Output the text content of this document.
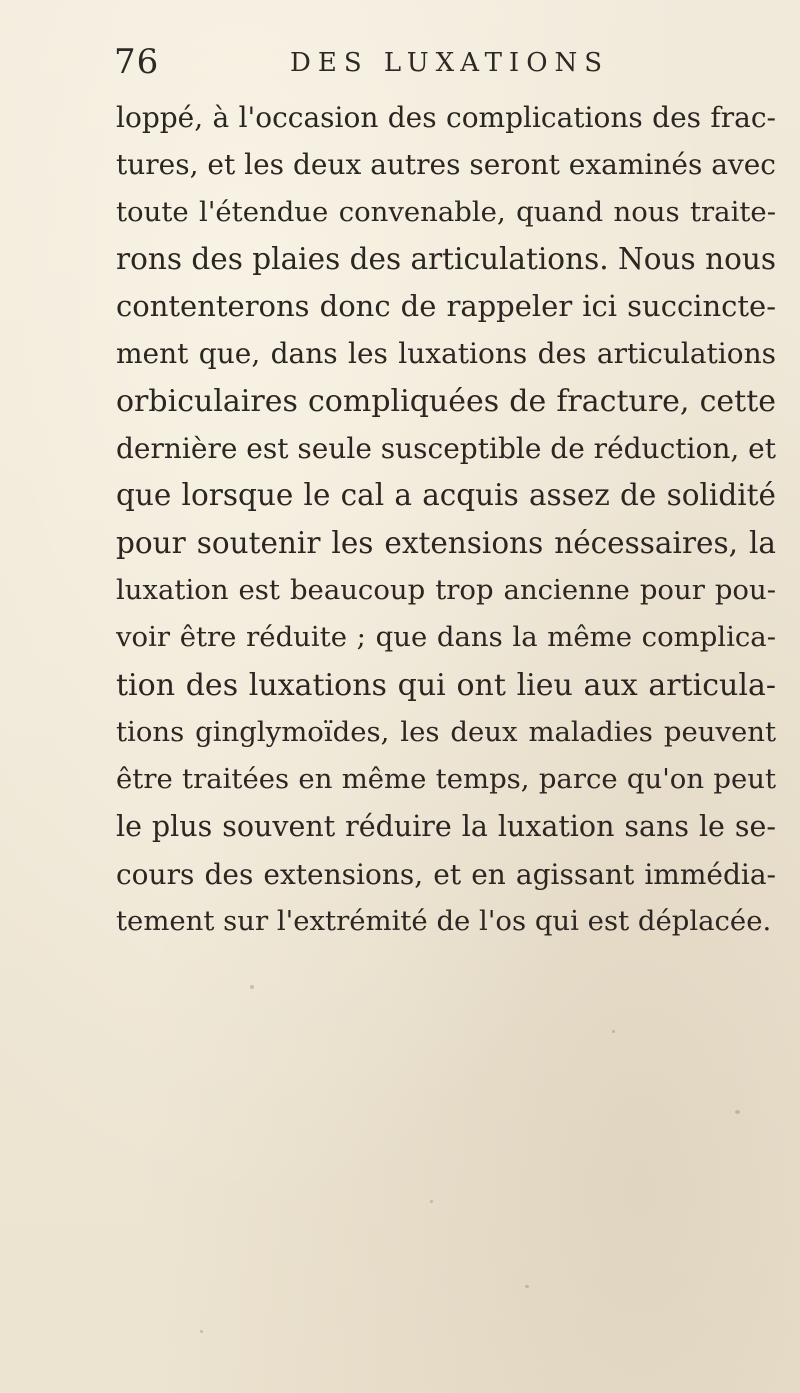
76	DES LUXATIONS
loppé, à l'occasion des complications des frac-
tures, et les deux autres seront examinés avec
toute l'étendue convenable, quand nous traite-
rons des plaies des articulations. Nous nous
contenterons donc de rappeler ici succincte-
ment que, dans les luxations des articulations
orbiculaires compliquées de fracture, cette
dernière est seule susceptible de réduction, et
que lorsque le cal a acquis assez de solidité
pour soutenir les extensions nécessaires, la
luxation est beaucoup trop ancienne pour pou-
voir être réduite ; que dans la même complica-
tion des luxations qui ont lieu aux articula-
tions ginglymoïdes, les deux maladies peuvent
être traitées en même temps, parce qu'on peut
le plus souvent réduire la luxation sans le se-
cours des extensions, et en agissant immédia-
tement sur l'extrémité de l'os qui est déplacée.
